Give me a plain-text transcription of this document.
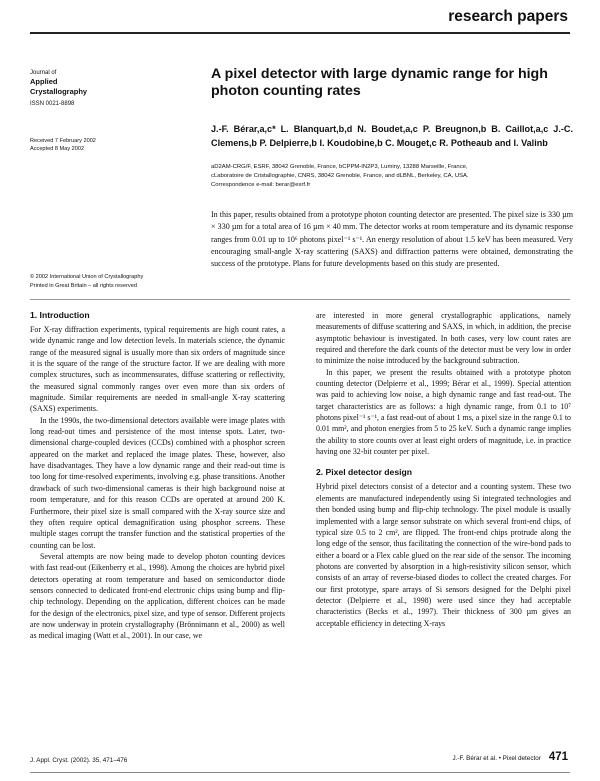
research papers
Journal of
Applied
Crystallography
ISSN 0021-8898
Received 7 February 2002
Accepted 8 May 2002
A pixel detector with large dynamic range for high photon counting rates
J.-F. Bérar,a,c* L. Blanquart,b,d N. Boudet,a,c P. Breugnon,b B. Caillot,a,c J.-C. Clemens,b P. Delpierre,b I. Koudobine,b C. Mouget,c R. Potheaub and I. Valinb
aD2AM-CRG/F, ESRF, 38042 Grenoble, France, bCPPM-IN2P3, Luminy, 13288 Marseille, France,
cLaboratoire de Cristallographie, CNRS, 38042 Grenoble, France, and dLBNL, Berkeley, CA, USA.
Correspondence e-mail: berar@esrf.fr
In this paper, results obtained from a prototype photon counting detector are presented. The pixel size is 330 µm × 330 µm for a total area of 16 µm × 40 mm. The detector works at room temperature and its dynamic response ranges from 0.01 up to 10⁶ photons pixel⁻¹ s⁻¹. An energy resolution of about 1.5 keV has been measured. Very encouraging small-angle X-ray scattering (SAXS) and diffraction patterns were obtained, demonstrating the success of the prototype. Plans for future developments based on this study are presented.
© 2002 International Union of Crystallography
Printed in Great Britain – all rights reserved
1. Introduction

For X-ray diffraction experiments, typical requirements are high count rates, a wide dynamic range and low detection levels. In materials science, the dynamic range of the measured signal is usually more than six orders of magnitude since it is the square of the range of the structure factor. If we are dealing with more complex structures, such as incommensurates, diffuse scattering or reflectivity, the measured signal commonly ranges over even more than six orders of magnitude. Similar requirements are needed in small-angle X-ray scattering (SAXS) experiments.

In the 1990s, the two-dimensional detectors available were image plates with long read-out times and persistence of the most intense spots. Later, two-dimensional charge-coupled devices (CCDs) combined with a phosphor screen appeared on the market and replaced the image plates. These, however, also have disadvantages. They have a low dynamic range and their read-out time is too long for time-resolved experiments, involving e.g. phase transitions. Another drawback of such two-dimensional cameras is their high background noise at room temperature, and for this reason CCDs are operated at around 200 K. Furthermore, their pixel size is small compared with the X-ray source size and they often require optical demagnification using phosphor screens. These multiple stages corrupt the transfer function and the statistical properties of the counting can be lost.

Several attempts are now being made to develop photon counting devices with fast read-out (Eikenberry et al., 1998). Among the choices are hybrid pixel detectors operating at room temperature and based on semiconductor diode sensors connected to dedicated front-end electronic chips using bump and flip-chip technology. Depending on the application, different choices can be made for the design of the electronics, pixel size, and type of sensor. Different projects are now underway in protein crystallography (Brönnimann et al., 2000) as well as medical imaging (Watt et al., 2001). In our case, we

are interested in more general crystallographic applications, namely measurements of diffuse scattering and SAXS, in which, in addition, the precise asymptotic behaviour is investigated. In both cases, very low count rates are required and therefore the dark counts of the detector must be very low in order to minimize the noise introduced by the background subtraction.

In this paper, we present the results obtained with a prototype photon counting detector (Delpierre et al., 1999; Bérar et al., 1999). Special attention was paid to achieving low noise, a high dynamic range and fast read-out. The target characteristics are as follows: a high dynamic range, from 0.1 to 10⁷ photons pixel⁻¹ s⁻¹, a fast read-out of about 1 ms, a pixel size in the range 0.1 to 0.01 mm², and photon energies from 5 to 25 keV. Such a dynamic range implies the ability to store counts over at least eight orders of magnitude, i.e. in practice having one 32-bit counter per pixel.

2. Pixel detector design

Hybrid pixel detectors consist of a detector and a counting system. These two elements are manufactured independently using Si integrated technologies and then bonded using bump and flip-chip technology. The pixel module is usually implemented with a large sensor substrate on which several front-end chips, of typical size 0.5 to 2 cm², are flipped. The front-end chips protrude along the long edge of the sensor, thus facilitating the connection of the wire-bond pads to either a board or a Flex cable glued on the rear side of the sensor. The incoming photons are converted by absorption in a high-resistivity silicon sensor, which consists of an array of reverse-biased diodes to collect the created charges. For our first prototype, spare arrays of Si sensors designed for the Delphi pixel detector (Delpierre et al., 1998) were used since they had acceptable characteristics (Becks et al., 1997). Their thickness of 300 µm gives an acceptable efficiency in detecting X-rays

J. Appl. Cryst. (2002). 35, 471–476	J.-F. Bérar et al. • Pixel detector 471
